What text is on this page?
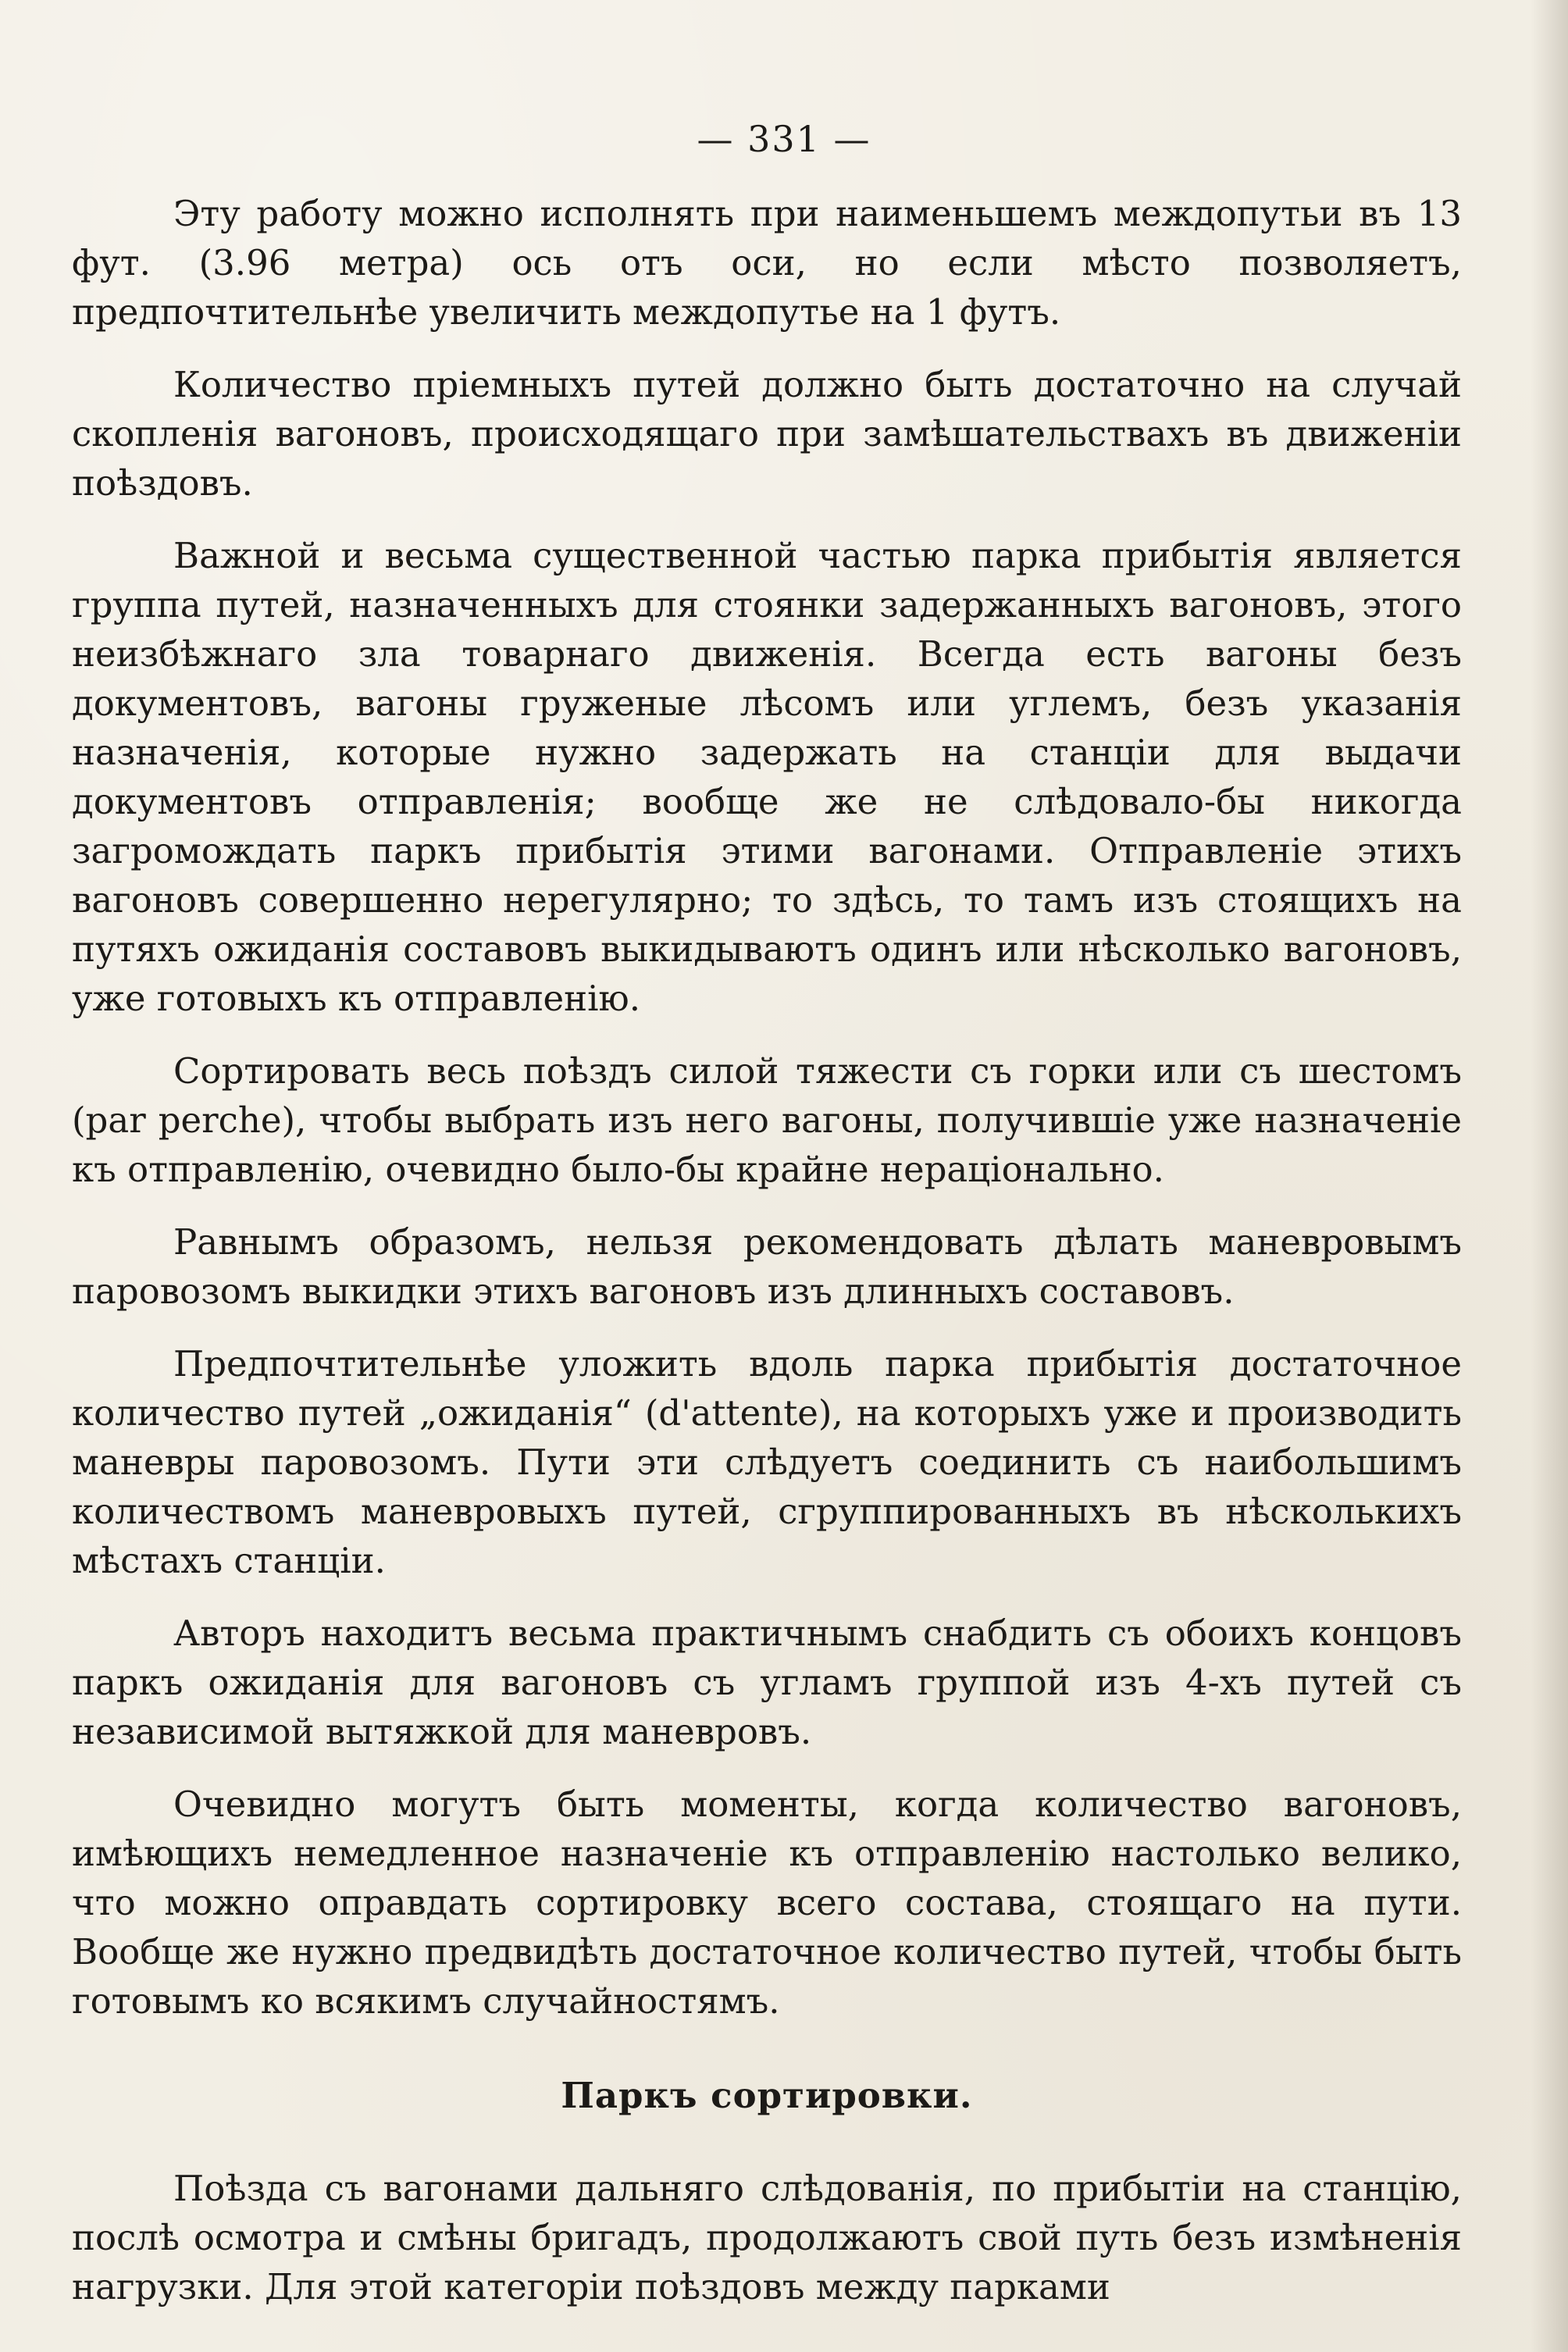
— 331 —

Эту работу можно исполнять при наименьшемъ междопутьи въ 13 фут. (3.96 метра) ось отъ оси, но если мѣсто позволяетъ, предпочтительнѣе увеличить междопутье на 1 футъ.

Количество пріемныхъ путей должно быть достаточно на случай скопленія вагоновъ, происходящаго при замѣшательствахъ въ движеніи поѣздовъ.

Важной и весьма существенной частью парка прибытія является группа путей, назначенныхъ для стоянки задержанныхъ вагоновъ, этого неизбѣжнаго зла товарнаго движенія. Всегда есть вагоны безъ документовъ, вагоны груженые лѣсомъ или углемъ, безъ указанія назначенія, которые нужно задержать на станціи для выдачи документовъ отправленія; вообще же не слѣдовало-бы никогда загромождать паркъ прибытія этими вагонами. Отправленіе этихъ вагоновъ совершенно нерегулярно; то здѣсь, то тамъ изъ стоящихъ на путяхъ ожиданія составовъ выкидываютъ одинъ или нѣсколько вагоновъ, уже готовыхъ къ отправленію.

Сортировать весь поѣздъ силой тяжести съ горки или съ шестомъ (par perche), чтобы выбрать изъ него вагоны, получившіе уже назначеніе къ отправленію, очевидно было-бы крайне нераціонально.

Равнымъ образомъ, нельзя рекомендовать дѣлать маневровымъ паровозомъ выкидки этихъ вагоновъ изъ длинныхъ составовъ.

Предпочтительнѣе уложить вдоль парка прибытія достаточное количество путей „ожиданія“ (d'attente), на которыхъ уже и производить маневры паровозомъ. Пути эти слѣдуетъ соединить съ наибольшимъ количествомъ маневровыхъ путей, сгруппированныхъ въ нѣсколькихъ мѣстахъ станціи.

Авторъ находитъ весьма практичнымъ снабдить съ обоихъ концовъ паркъ ожиданія для вагоновъ съ угламъ группой изъ 4-хъ путей съ независимой вытяжкой для маневровъ.

Очевидно могутъ быть моменты, когда количество вагоновъ, имѣющихъ немедленное назначеніе къ отправленію настолько велико, что можно оправдать сортировку всего состава, стоящаго на пути. Вообще же нужно предвидѣть достаточное количество путей, чтобы быть готовымъ ко всякимъ случайностямъ.

Паркъ сортировки.

Поѣзда съ вагонами дальняго слѣдованія, по прибытіи на станцію, послѣ осмотра и смѣны бригадъ, продолжаютъ свой путь безъ измѣненія нагрузки. Для этой категоріи поѣздовъ между парками
